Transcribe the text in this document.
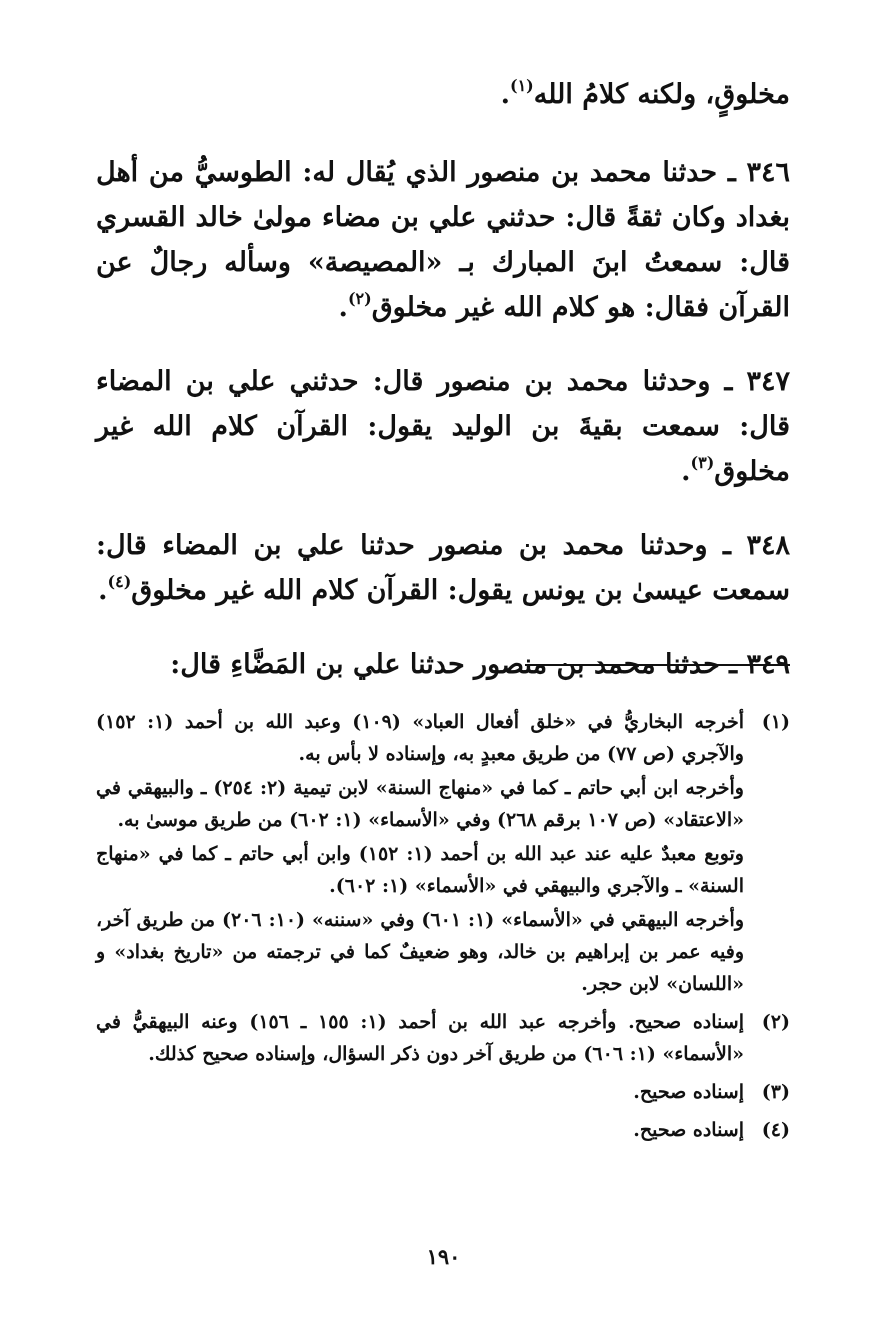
مخلوقٍ، ولكنه كلامُ الله$^{(١)}$.

٣٤٦ ـ حدثنا محمد بن منصور الذي يُقال له: الطوسيُّ من أهل بغداد وكان ثقةً قال: حدثني علي بن مضاء مولىٰ خالد القسري قال: سمعتُ ابنَ المبارك بـ «المصيصة» وسأله رجالٌ عن القرآن فقال: هو كلام الله غير مخلوق$^{(٢)}$.

٣٤٧ ـ وحدثنا محمد بن منصور قال: حدثني علي بن المضاء قال: سمعت بقيةَ بن الوليد يقول: القرآن كلام الله غير مخلوق$^{(٣)}$.

٣٤٨ ـ وحدثنا محمد بن منصور حدثنا علي بن المضاء قال: سمعت عيسىٰ بن يونس يقول: القرآن كلام الله غير مخلوق$^{(٤)}$.

٣٤٩ ـ حدثنا محمد بن منصور حدثنا علي بن المَضَّاءِ قال:

(١)

أخرجه البخاريُّ في «خلق أفعال العباد» (١٠٩) وعبد الله بن أحمد (١: ١٥٢) والآجري (ص ٧٧) من طريق معبدٍ به، وإسناده لا بأس به.

وأخرجه ابن أبي حاتم ـ كما في «منهاج السنة» لابن تيمية (٢: ٢٥٤) ـ والبيهقي في «الاعتقاد» (ص ١٠٧ برقم ٢٦٨) وفي «الأسماء» (١: ٦٠٢) من طريق موسىٰ به.

وتوبع معبدٌ عليه عند عبد الله بن أحمد (١: ١٥٢) وابن أبي حاتم ـ كما في «منهاج السنة» ـ والآجري والبيهقي في «الأسماء» (١: ٦٠٢).

وأخرجه البيهقي في «الأسماء» (١: ٦٠١) وفي «سننه» (١٠: ٢٠٦) من طريق آخر، وفيه عمر بن إبراهيم بن خالد، وهو ضعيفٌ كما في ترجمته من «تاريخ بغداد» و «اللسان» لابن حجر.

(٢)

إسناده صحيح. وأخرجه عبد الله بن أحمد (١: ١٥٥ ـ ١٥٦) وعنه البيهقيُّ في «الأسماء» (١: ٦٠٦) من طريق آخر دون ذكر السؤال، وإسناده صحيح كذلك.

(٣)

إسناده صحيح.

(٤)

إسناده صحيح.

١٩٠
